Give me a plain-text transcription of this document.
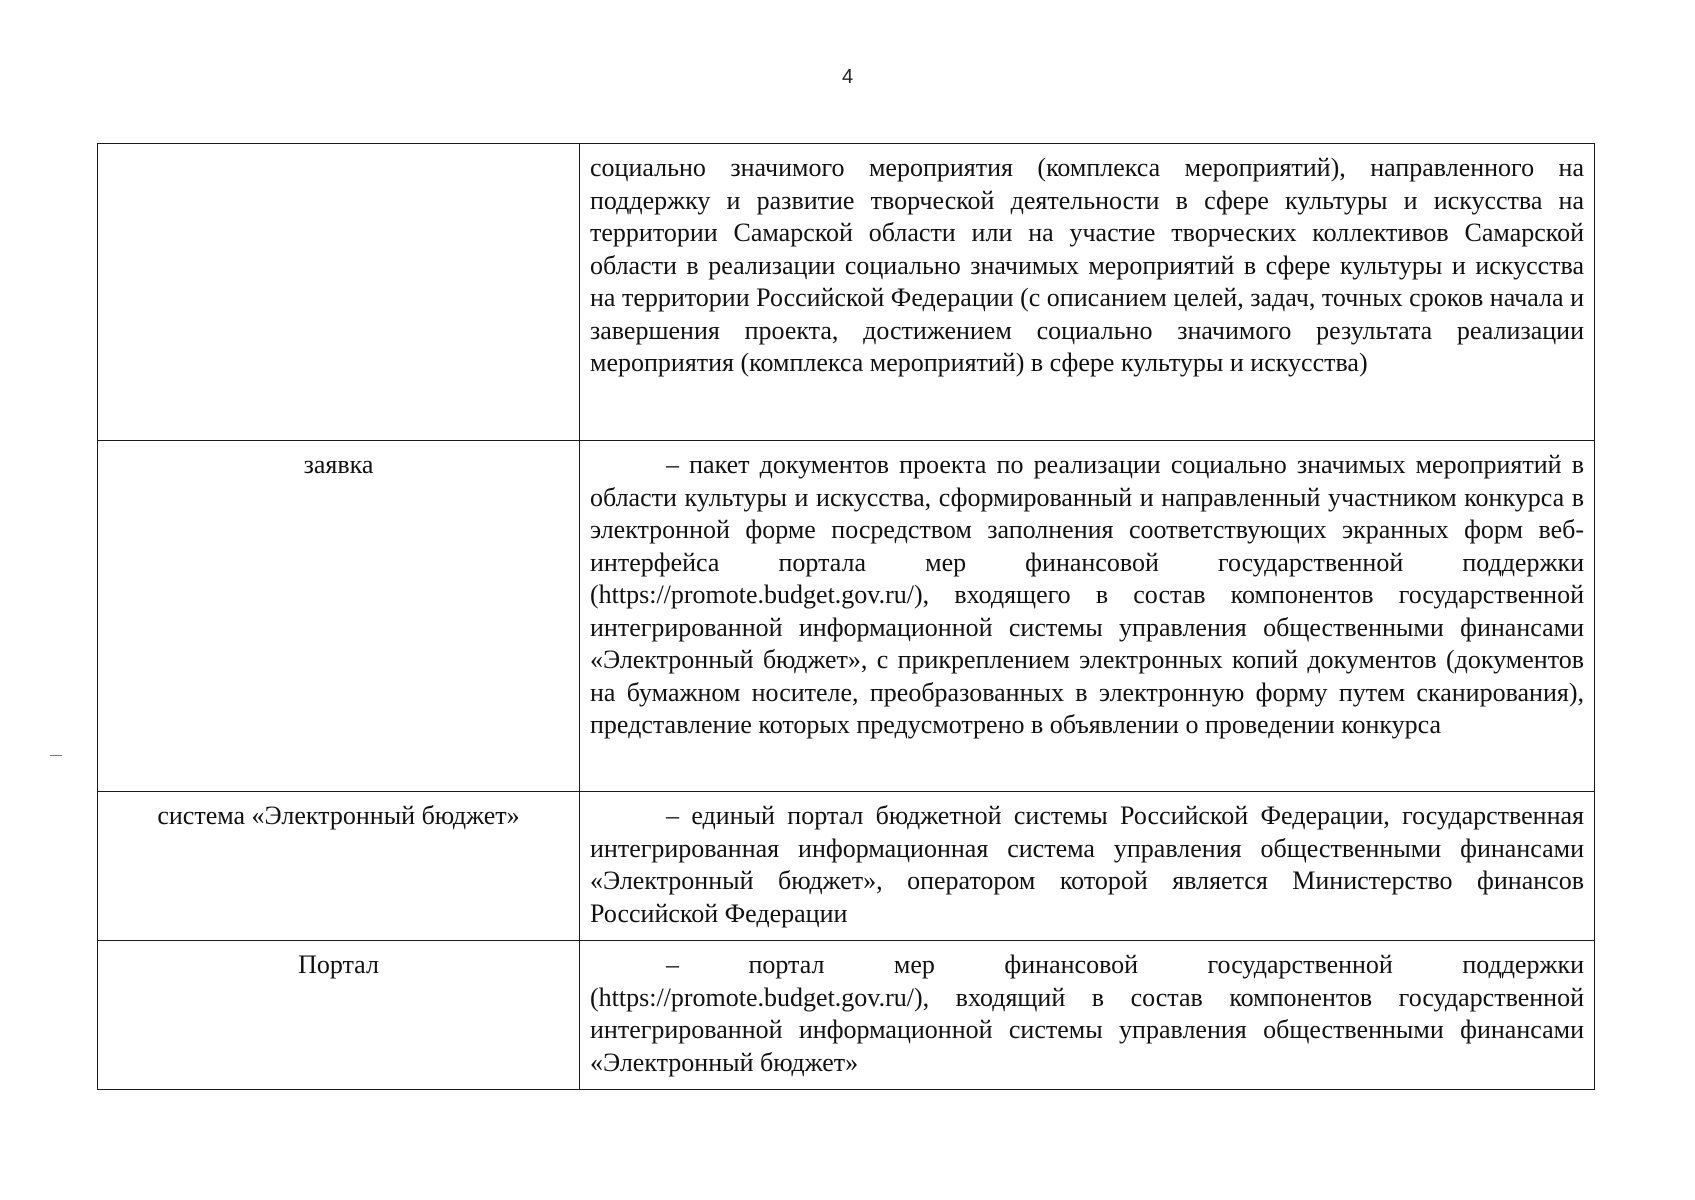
4

	социально значимого мероприятия (комплекса мероприятий), направленного на поддержку и развитие творческой деятельности в сфере культуры и искусства на территории Самарской области или на участие творческих коллективов Самарской области в реализации социально значимых мероприятий в сфере культуры и искусства на территории Российской Федерации (с описанием целей, задач, точных сроков начала и завершения проекта, достижением социально значимого результата реализации мероприятия (комплекса мероприятий) в сфере культуры и искусства)

заявка	– пакет документов проекта по реализации социально значимых мероприятий в области культуры и искусства, сформированный и направленный участником конкурса в электронной форме посредством заполнения соответствующих экранных форм веб-интерфейса портала мер финансовой государственной поддержки (https://promote.budget.gov.ru/), входящего в состав компонентов государственной интегрированной информационной системы управления общественными финансами «Электронный бюджет», с прикреплением электронных копий документов (документов на бумажном носителе, преобразованных в электронную форму путем сканирования), представление которых предусмотрено в объявлении о проведении конкурса

система «Электронный бюджет»	– единый портал бюджетной системы Российской Федерации, государственная интегрированная информационная система управления общественными финансами «Электронный бюджет», оператором которой является Министерство финансов Российской Федерации

Портал	– портал мер финансовой государственной поддержки (https://promote.budget.gov.ru/), входящий в состав компонентов государственной интегрированной информационной системы управления общественными финансами «Электронный бюджет»
